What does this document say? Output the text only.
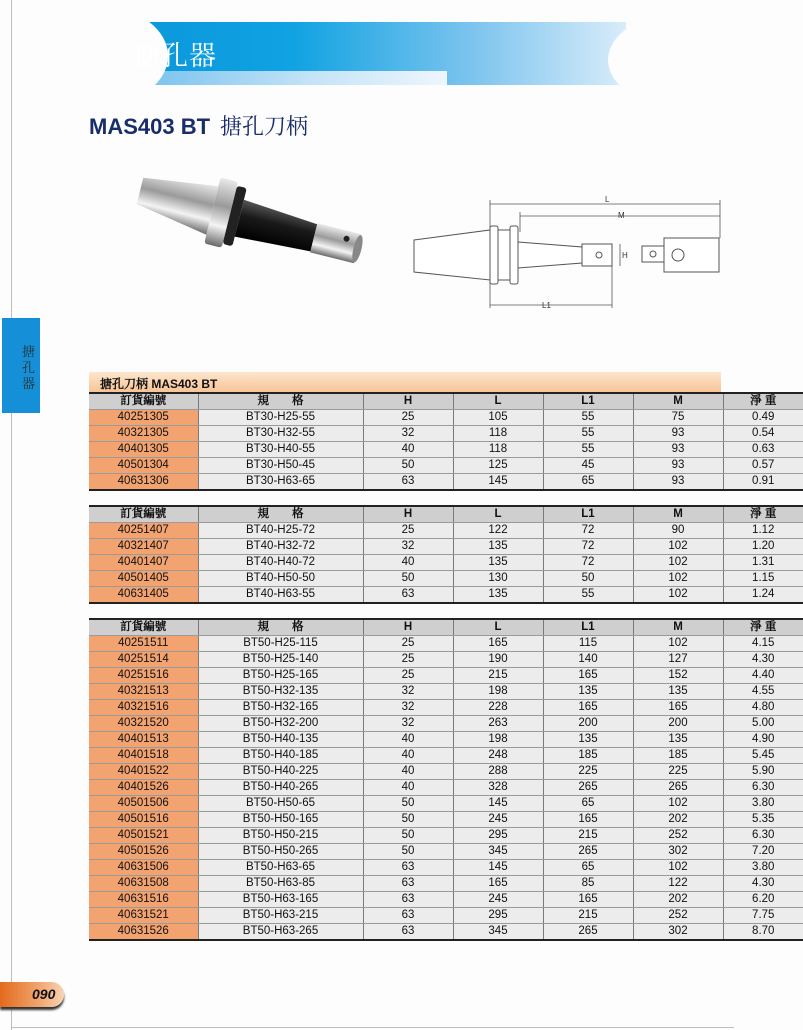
搪孔器
搪孔器
MAS403 BT 搪孔刀柄
L
M
L1
H
搪孔刀柄 MAS403 BT
訂貨編號	規　　格	H	L	L1	M	淨 重
40251305	BT30-H25-55	25	105	55	75	0.49
40321305	BT30-H32-55	32	118	55	93	0.54
40401305	BT30-H40-55	40	118	55	93	0.63
40501304	BT30-H50-45	50	125	45	93	0.57
40631306	BT30-H63-65	63	145	65	93	0.91
訂貨編號	規　　格	H	L	L1	M	淨 重
40251407	BT40-H25-72	25	122	72	90	1.12
40321407	BT40-H32-72	32	135	72	102	1.20
40401407	BT40-H40-72	40	135	72	102	1.31
40501405	BT40-H50-50	50	130	50	102	1.15
40631405	BT40-H63-55	63	135	55	102	1.24
訂貨編號	規　　格	H	L	L1	M	淨 重
40251511	BT50-H25-115	25	165	115	102	4.15
40251514	BT50-H25-140	25	190	140	127	4.30
40251516	BT50-H25-165	25	215	165	152	4.40
40321513	BT50-H32-135	32	198	135	135	4.55
40321516	BT50-H32-165	32	228	165	165	4.80
40321520	BT50-H32-200	32	263	200	200	5.00
40401513	BT50-H40-135	40	198	135	135	4.90
40401518	BT50-H40-185	40	248	185	185	5.45
40401522	BT50-H40-225	40	288	225	225	5.90
40401526	BT50-H40-265	40	328	265	265	6.30
40501506	BT50-H50-65	50	145	65	102	3.80
40501516	BT50-H50-165	50	245	165	202	5.35
40501521	BT50-H50-215	50	295	215	252	6.30
40501526	BT50-H50-265	50	345	265	302	7.20
40631506	BT50-H63-65	63	145	65	102	3.80
40631508	BT50-H63-85	63	165	85	122	4.30
40631516	BT50-H63-165	63	245	165	202	6.20
40631521	BT50-H63-215	63	295	215	252	7.75
40631526	BT50-H63-265	63	345	265	302	8.70
090
